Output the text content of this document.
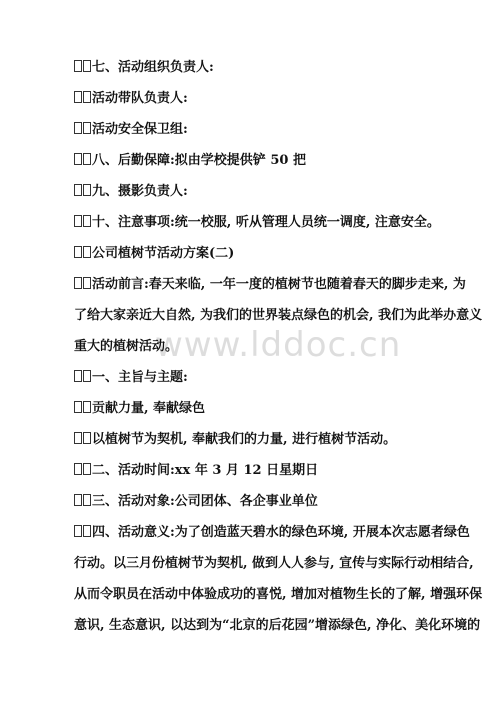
www.lddoc.cn
七、活动组织负责人:
活动带队负责人:
活动安全保卫组:
八、后勤保障:拟由学校提供铲 50 把
九、摄影负责人:
十、注意事项:统一校服, 听从管理人员统一调度, 注意安全。
公司植树节活动方案(二)
活动前言:春天来临, 一年一度的植树节也随着春天的脚步走来, 为
了给大家亲近大自然, 为我们的世界装点绿色的机会, 我们为此举办意义
重大的植树活动。
一、主旨与主题:
贡献力量, 奉献绿色
以植树节为契机, 奉献我们的力量, 进行植树节活动。
二、活动时间:xx 年 3 月 12 日星期日
三、活动对象:公司团体、各企事业单位
四、活动意义:为了创造蓝天碧水的绿色环境, 开展本次志愿者绿色
行动。以三月份植树节为契机, 做到人人参与, 宣传与实际行动相结合,
从而令职员在活动中体验成功的喜悦, 增加对植物生长的了解, 增强环保
意识, 生态意识, 以达到为“北京的后花园”增添绿色, 净化、美化环境的
